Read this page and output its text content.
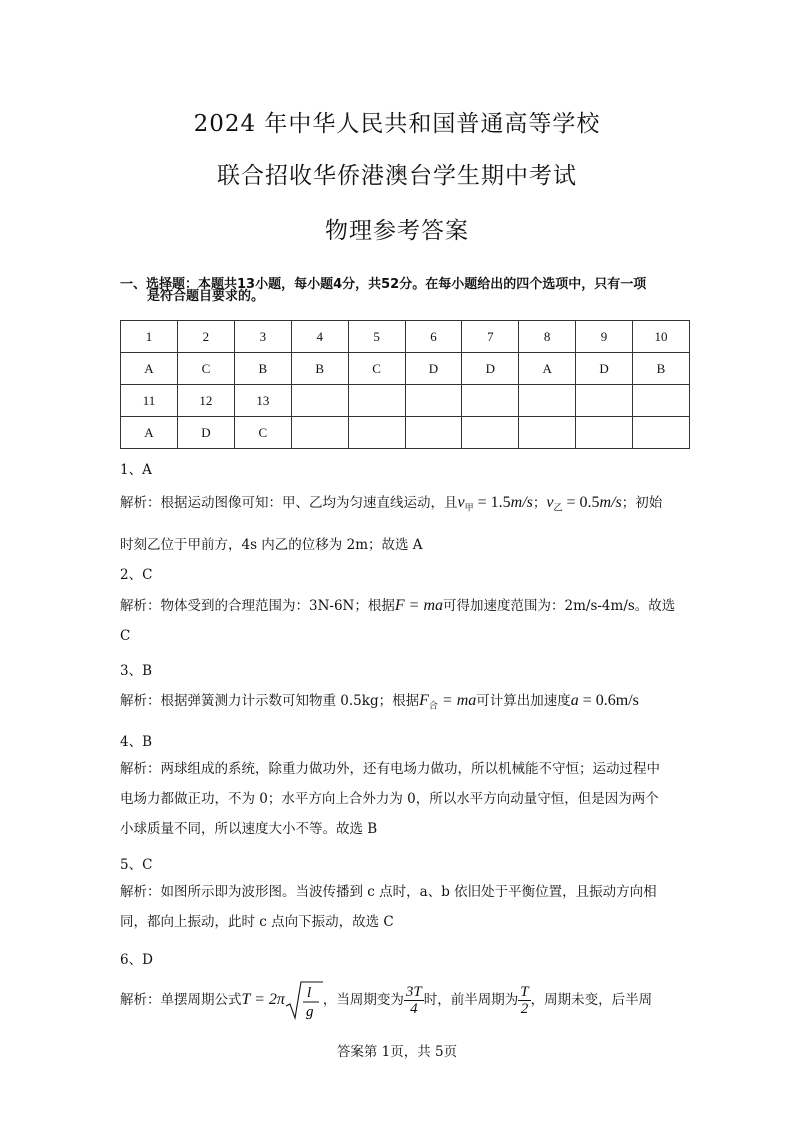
2024 年中华人民共和国普通高等学校
联合招收华侨港澳台学生期中考试
物理参考答案
一、选择题：本题共13小题，每小题4分，共52分。在每小题给出的四个选项中，只有一项
是符合题目要求的。
1	2	3	4	5	6	7	8	9	10
A	C	B	B	C	D	D	A	D	B
11	12	13							
A	D	C							
1、A
解析：根据运动图像可知：甲、乙均为匀速直线运动，且$v_甲 = 1.5m/s$；$v_乙 = 0.5m/s$；初始
时刻乙位于甲前方，4s 内乙的位移为 2m；故选 A
2、C
解析：物体受到的合理范围为：3N-6N；根据F = ma可得加速度范围为：2m/s-4m/s。故选
C
3、B
解析：根据弹簧测力计示数可知物重 0.5kg；根据$F_合$ = ma可计算出加速度a = 0.6m/s
4、B
解析：两球组成的系统，除重力做功外，还有电场力做功，所以机械能不守恒；运动过程中
电场力都做正功，不为 0；水平方向上合外力为 0，所以水平方向动量守恒，但是因为两个
小球质量不同，所以速度大小不等。故选 B
5、C
解析：如图所示即为波形图。当波传播到 c 点时，a、b 依旧处于平衡位置，且振动方向相
同，都向上振动，此时 c 点向下振动，故选 C
6、D
解析：单摆周期公式T = 2π l
g
，当周期变为 $\frac{3T}{4}$ 时，前半周期为 $\frac{T}{2}$ ，周期未变，后半周
答案第 1页，共 5页
